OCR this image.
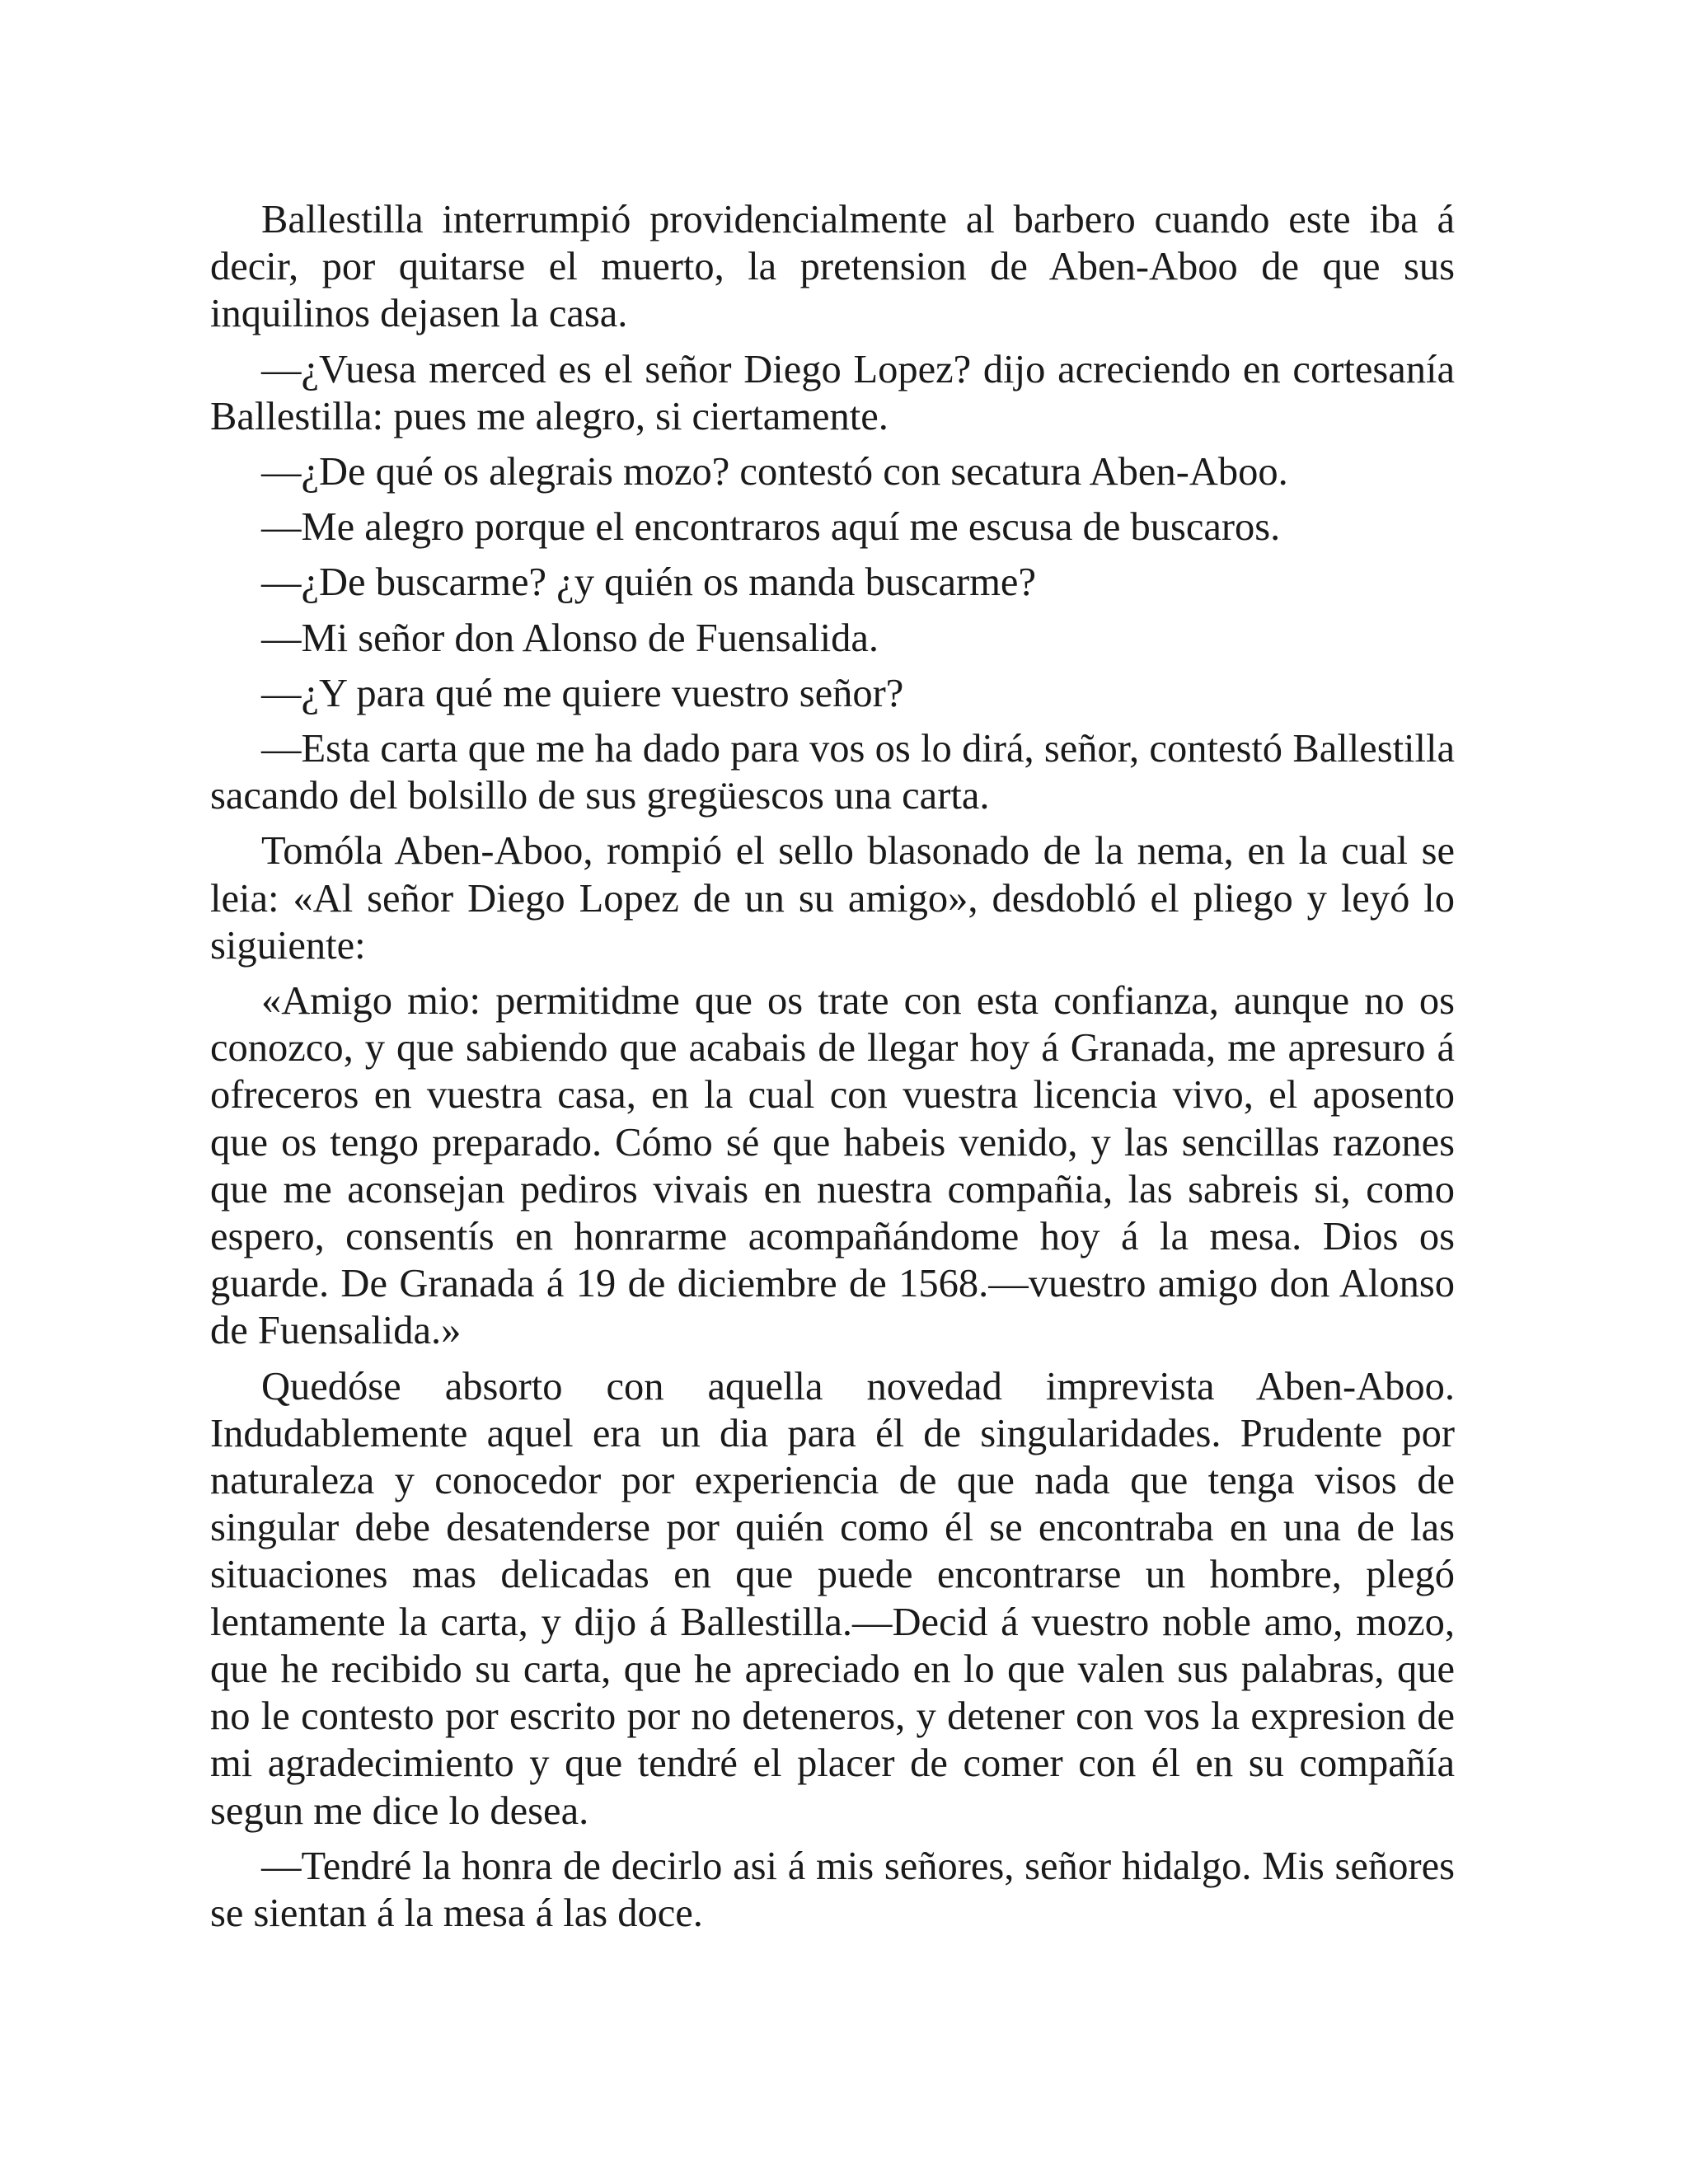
Ballestilla interrumpió providencialmente al barbero cuando este iba á decir, por quitarse el muerto, la pretension de Aben-Aboo de que sus inquilinos dejasen la casa.

—¿Vuesa merced es el señor Diego Lopez? dijo acreciendo en cortesanía Ballestilla: pues me alegro, si ciertamente.

—¿De qué os alegrais mozo? contestó con secatura Aben-Aboo.

—Me alegro porque el encontraros aquí me escusa de buscaros.

—¿De buscarme? ¿y quién os manda buscarme?

—Mi señor don Alonso de Fuensalida.

—¿Y para qué me quiere vuestro señor?

—Esta carta que me ha dado para vos os lo dirá, señor, contestó Ballestilla sacando del bolsillo de sus gregüescos una carta.

Tomóla Aben-Aboo, rompió el sello blasonado de la nema, en la cual se leia: «Al señor Diego Lopez de un su amigo», desdobló el pliego y leyó lo siguiente:

«Amigo mio: permitidme que os trate con esta confianza, aunque no os conozco, y que sabiendo que acabais de llegar hoy á Granada, me apresuro á ofreceros en vuestra casa, en la cual con vuestra licencia vivo, el aposento que os tengo preparado. Cómo sé que habeis venido, y las sencillas razones que me aconsejan pediros vivais en nuestra compañia, las sabreis si, como espero, consentís en honrarme acompañándome hoy á la mesa. Dios os guarde. De Granada á 19 de diciembre de 1568.—vuestro amigo don Alonso de Fuensalida.»

Quedóse absorto con aquella novedad imprevista Aben-Aboo. Indudablemente aquel era un dia para él de singularidades. Prudente por naturaleza y conocedor por experiencia de que nada que tenga visos de singular debe desatenderse por quién como él se encontraba en una de las situaciones mas delicadas en que puede encontrarse un hombre, plegó lentamente la carta, y dijo á Ballestilla.—Decid á vuestro noble amo, mozo, que he recibido su carta, que he apreciado en lo que valen sus palabras, que no le contesto por escrito por no deteneros, y detener con vos la expresion de mi agradecimiento y que tendré el placer de comer con él en su compañía segun me dice lo desea.

—Tendré la honra de decirlo asi á mis señores, señor hidalgo. Mis señores se sientan á la mesa á las doce.
